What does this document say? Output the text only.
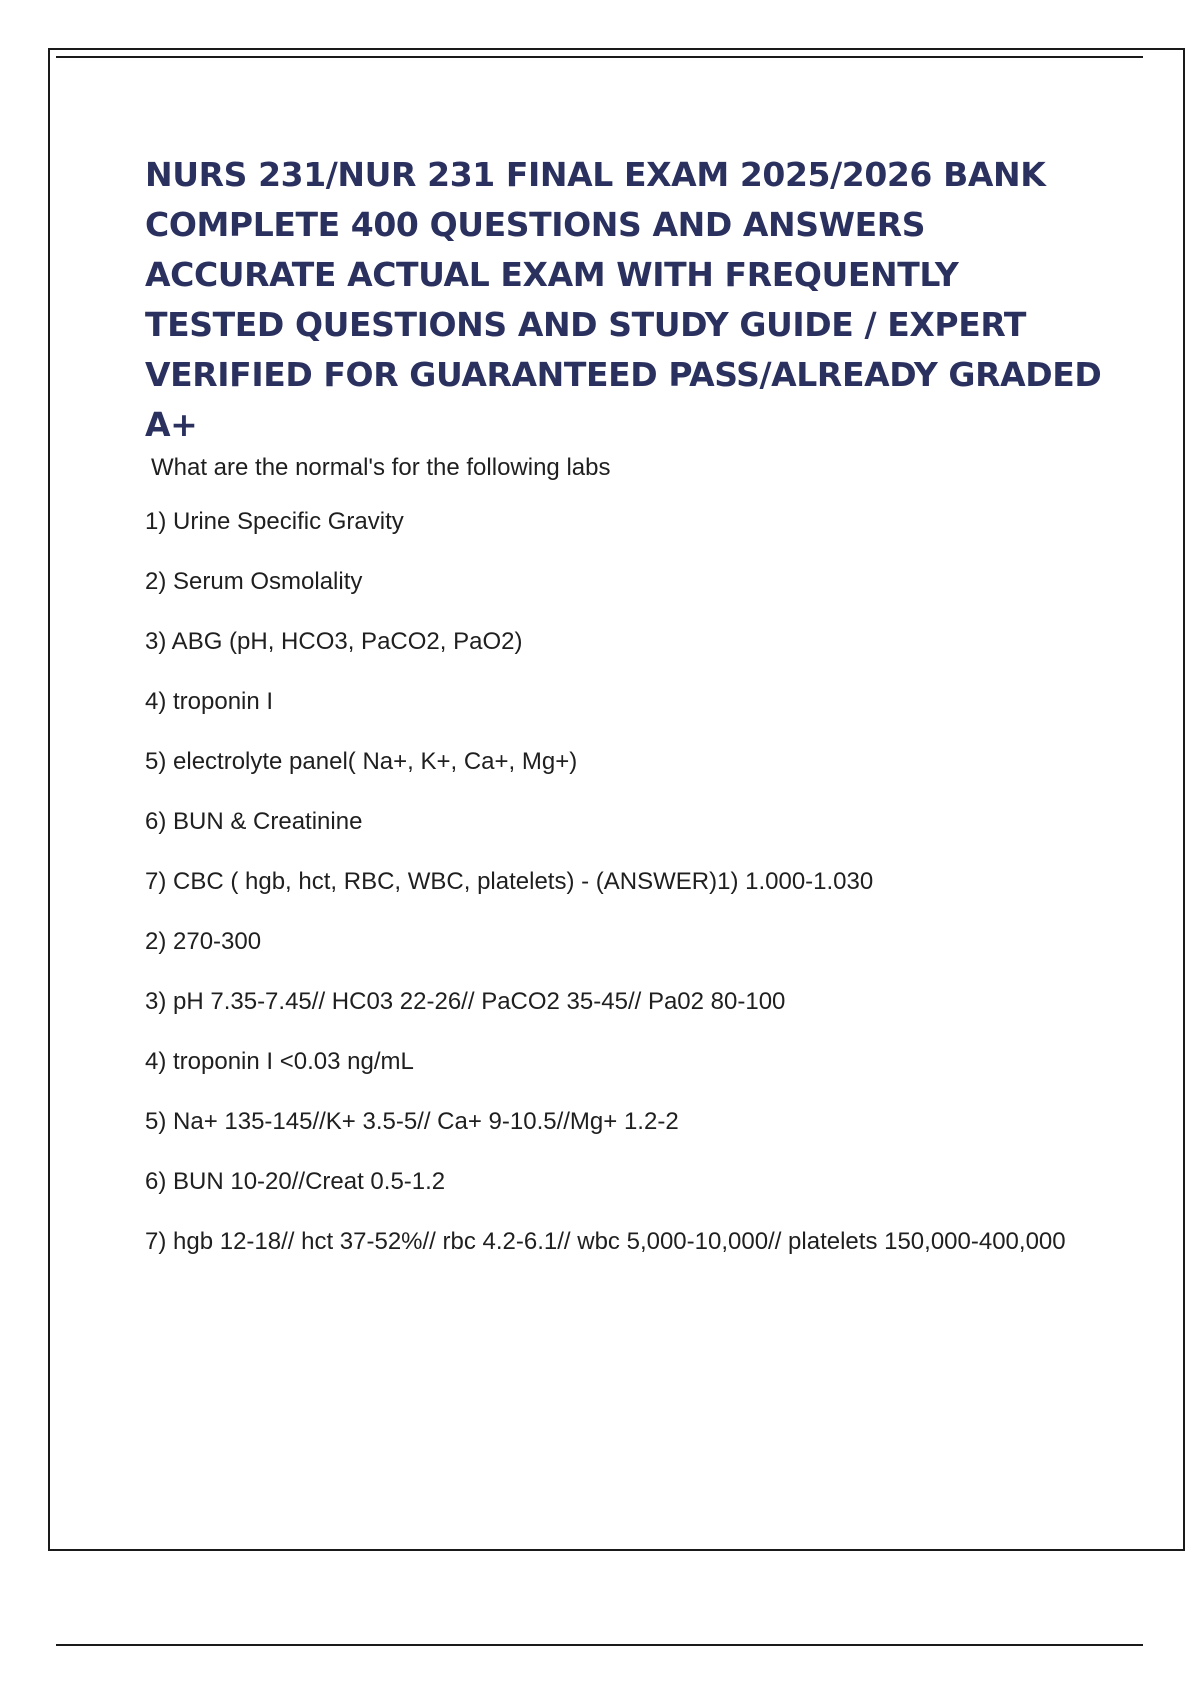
NURS 231/NUR 231 FINAL EXAM 2025/2026 BANK COMPLETE 400 QUESTIONS AND ANSWERS ACCURATE ACTUAL EXAM WITH FREQUENTLY TESTED QUESTIONS AND STUDY GUIDE / EXPERT VERIFIED FOR GUARANTEED PASS/ALREADY GRADED A+

What are the normal's for the following labs

1) Urine Specific Gravity
2) Serum Osmolality
3) ABG (pH, HCO3, PaCO2, PaO2)
4) troponin I
5) electrolyte panel( Na+, K+, Ca+, Mg+)
6) BUN & Creatinine
7) CBC ( hgb, hct, RBC, WBC, platelets) - (ANSWER)1) 1.000-1.030
2) 270-300
3) pH 7.35-7.45// HC03 22-26// PaCO2 35-45// Pa02 80-100
4) troponin I <0.03 ng/mL
5) Na+ 135-145//K+ 3.5-5// Ca+ 9-10.5//Mg+ 1.2-2
6) BUN 10-20//Creat 0.5-1.2
7) hgb 12-18// hct 37-52%// rbc 4.2-6.1// wbc 5,000-10,000// platelets 150,000-400,000
